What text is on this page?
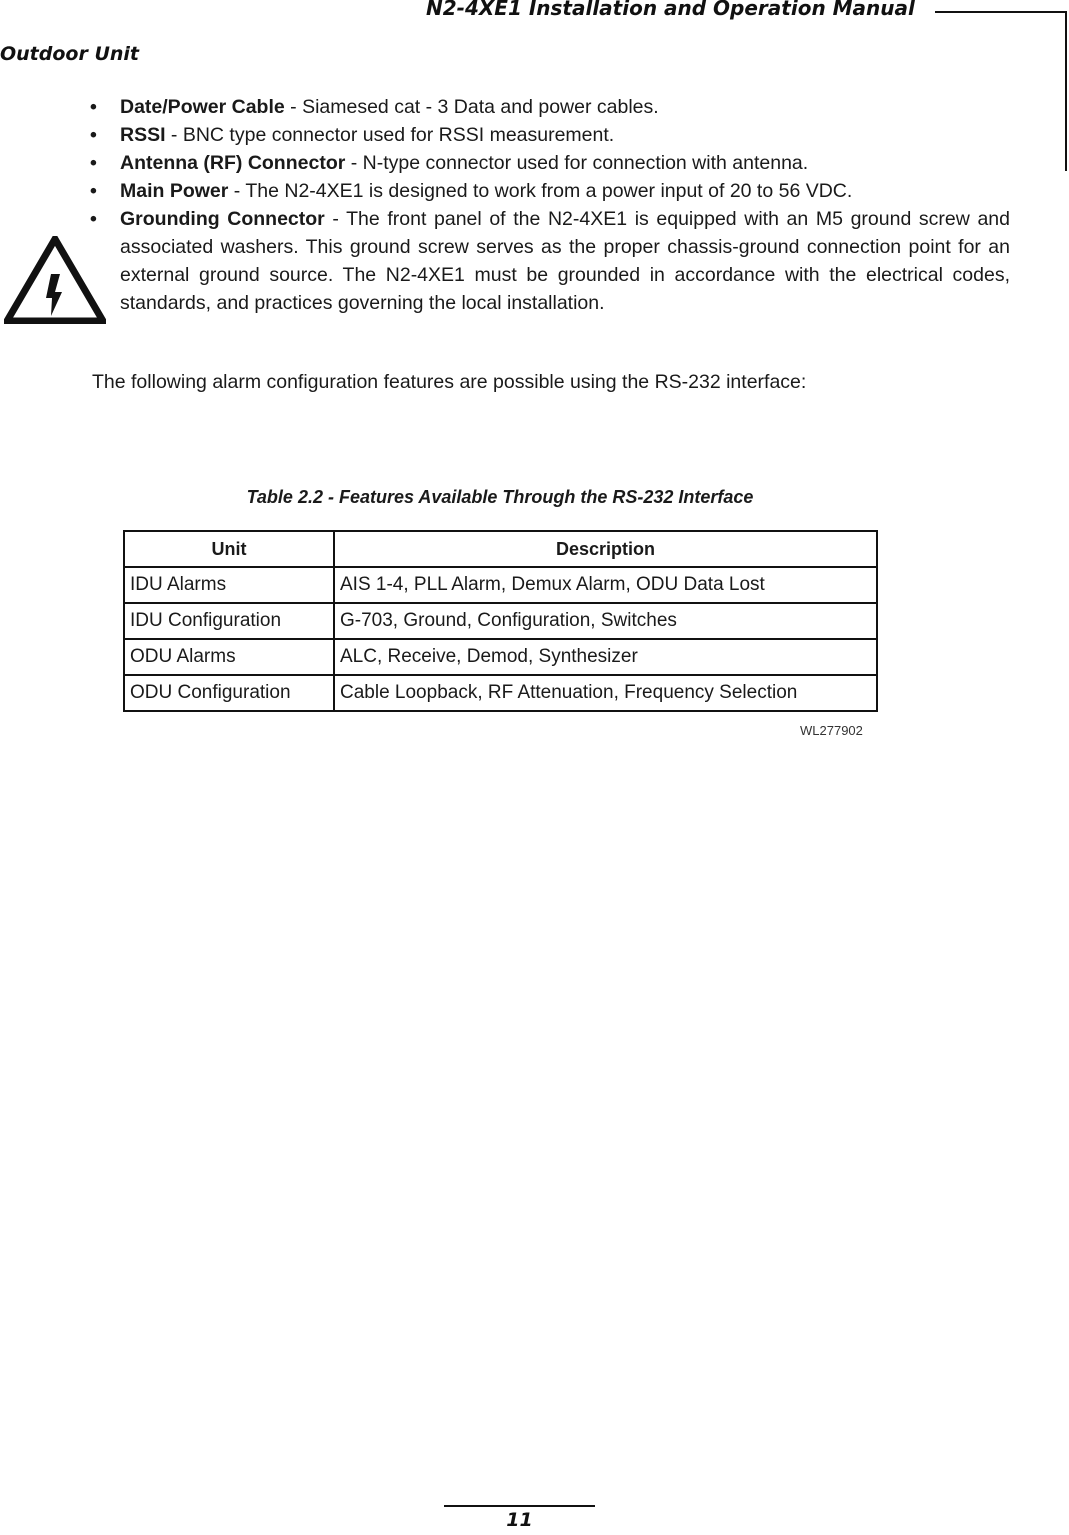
N2-4XE1 Installation and Operation Manual
Outdoor Unit
• Date/Power Cable - Siamesed cat - 3 Data and power cables.
• RSSI - BNC type connector used for RSSI measurement.
• Antenna (RF) Connector - N-type connector used for connection with antenna.
• Main Power - The N2-4XE1 is designed to work from a power input of 20 to 56 VDC.
• Grounding Connector - The front panel of the N2-4XE1 is equipped with an M5 ground screw and associated washers. This ground screw serves as the proper chassis-ground connection point for an external ground source. The N2-4XE1 must be grounded in accordance with the electrical codes, standards, and practices governing the local installation.
The following alarm configuration features are possible using the RS-232 interface:
Table 2.2 - Features Available Through the RS-232 Interface
Unit	Description
IDU Alarms	AIS 1-4, PLL Alarm, Demux Alarm, ODU Data Lost
IDU Configuration	G-703, Ground, Configuration, Switches
ODU Alarms	ALC, Receive, Demod, Synthesizer
ODU Configuration	Cable Loopback, RF Attenuation, Frequency Selection
WL277902
11
